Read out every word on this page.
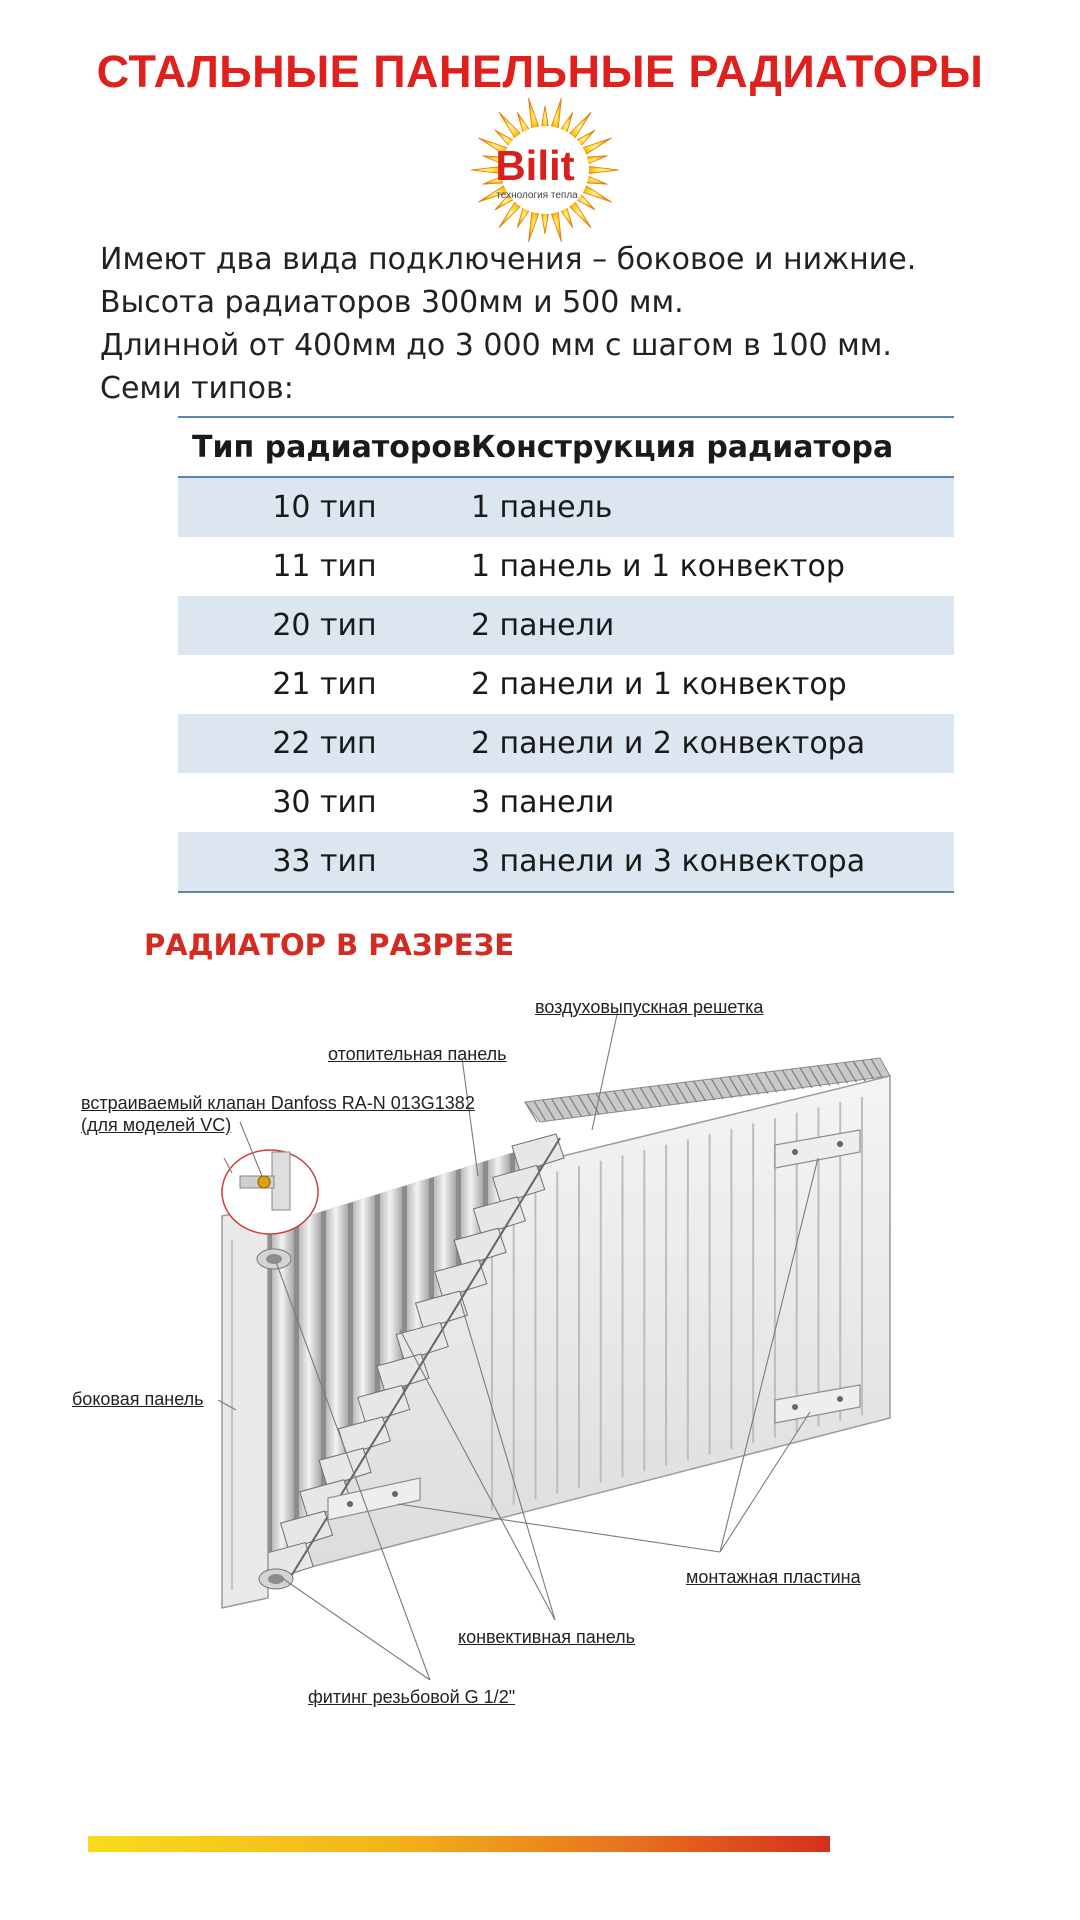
СТАЛЬНЫЕ ПАНЕЛЬНЫЕ РАДИАТОРЫ
Bilit
технология тепла
Имеют два вида подключения – боковое и нижние.
Высота радиаторов 300мм и 500 мм.
Длинной от 400мм до 3 000 мм с шагом в 100 мм.
Семи типов:
Тип радиаторов	Конструкция радиатора
10 тип	1 панель
11 тип	1 панель и 1 конвектор
20 тип	2 панели
21 тип	2 панели и 1 конвектор
22 тип	2 панели и 2 конвектора
30 тип	3 панели
33 тип	3 панели и 3 конвектора
РАДИАТОР В РАЗРЕЗЕ
воздуховыпускная решетка
отопительная панель
встраиваемый клапан Danfoss RA-N 013G1382
(для моделей VC)
боковая панель
монтажная пластина
конвективная панель
фитинг резьбовой G 1/2"
